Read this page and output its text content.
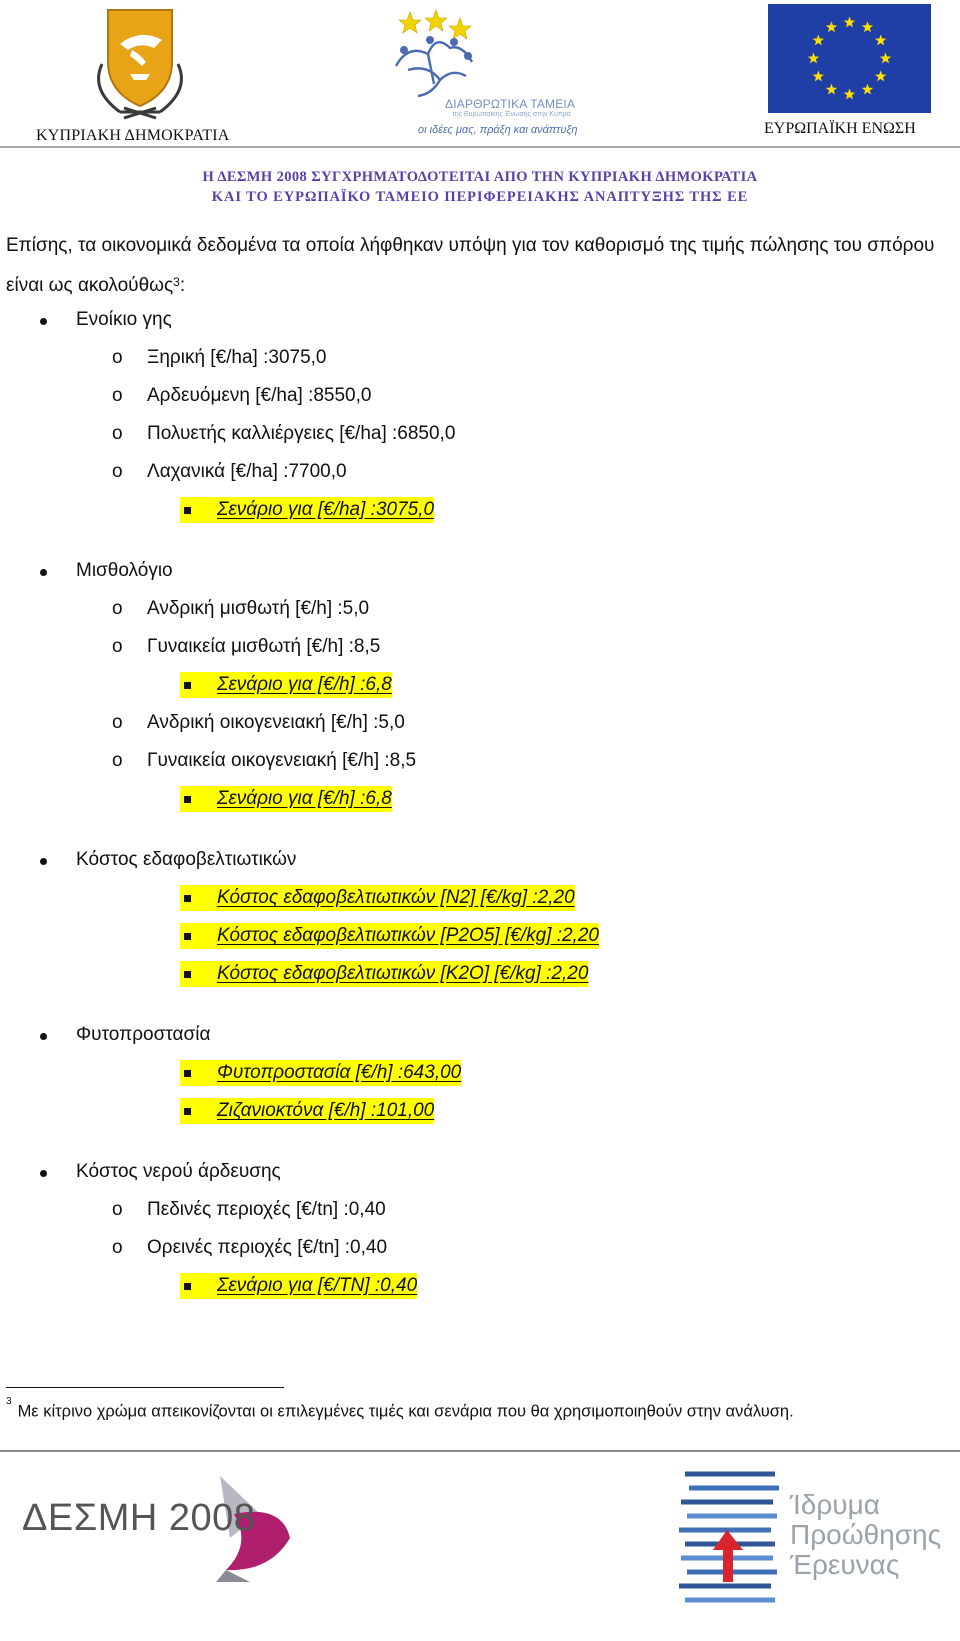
ΚΥΠΡΙΑΚΗ ΔΗΜΟΚΡΑΤΙΑ
ΔΙΑΡΘΡΩΤΙΚΑ ΤΑΜΕΙΑ
της Ευρωπαϊκής Ένωσης στην Κύπρο
οι ιδέες μας, πράξη και ανάπτυξη	ΕΥΡΩΠΑΪΚΗ ΕΝΩΣΗ
Η ΔΕΣΜΗ 2008 ΣΥΓΧΡΗΜΑΤΟΔΟΤΕΙΤΑΙ ΑΠΟ ΤΗΝ ΚΥΠΡΙΑΚΗ ΔΗΜΟΚΡΑΤΙΑ
ΚΑΙ ΤΟ ΕΥΡΩΠΑΪΚΟ ΤΑΜΕΙΟ ΠΕΡΙΦΕΡΕΙΑΚΗΣ ΑΝΑΠΤΥΞΗΣ ΤΗΣ ΕΕ

Επίσης, τα οικονομικά δεδομένα τα οποία λήφθηκαν υπόψη για τον καθορισμό της τιμής πώλησης του σπόρου είναι ως ακολούθως$^3$:

Ενοίκιο γης
o Ξηρική [€/ha] :3075,0
o Αρδευόμενη [€/ha] :8550,0
o Πολυετής καλλιέργειες [€/ha] :6850,0
o Λαχανικά [€/ha] :7700,0
Σενάριο για [€/ha] :3075,0
Μισθολόγιο
o Ανδρική μισθωτή [€/h] :5,0
o Γυναικεία μισθωτή [€/h] :8,5
Σενάριο για [€/h] :6,8
o Ανδρική οικογενειακή [€/h] :5,0
o Γυναικεία οικογενειακή [€/h] :8,5
Σενάριο για [€/h] :6,8
Κόστος εδαφοβελτιωτικών
Κόστος εδαφοβελτιωτικών [N2] [€/kg] :2,20
Κόστος εδαφοβελτιωτικών [P2O5] [€/kg] :2,20
Κόστος εδαφοβελτιωτικών [K2O] [€/kg] :2,20
Φυτοπροστασία
Φυτοπροστασία [€/h] :643,00
Ζιζανιοκτόνα [€/h] :101,00
Κόστος νερού άρδευσης
o Πεδινές περιοχές [€/tn] :0,40
o Ορεινές περιοχές [€/tn] :0,40
Σενάριο για [€/TN] :0,40
$^3$Με κίτρινο χρώμα απεικονίζονται οι επιλεγμένες τιμές και σενάρια που θα χρησιμοποιηθούν στην ανάλυση.
ΔΕΣΜΗ 2008	Ίδρυμα
Προώθησης
Έρευνας
